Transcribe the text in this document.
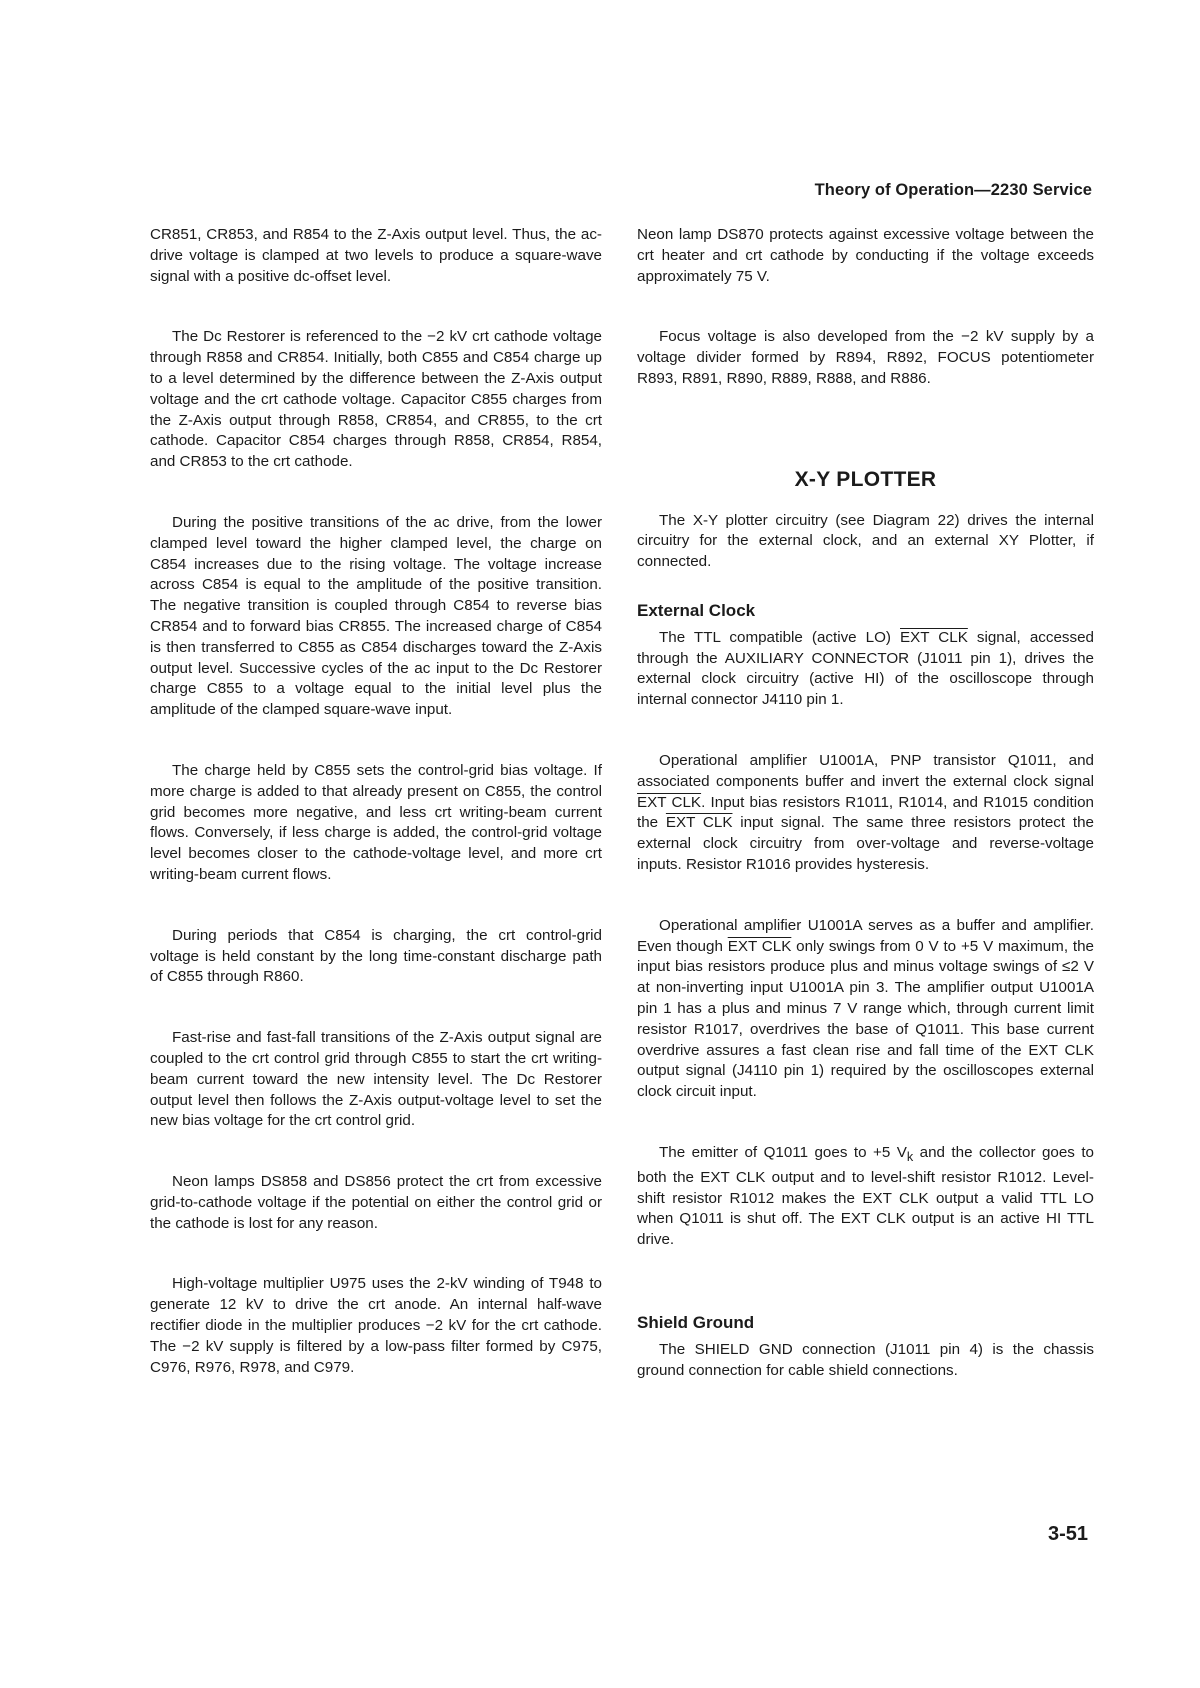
Theory of Operation—2230 Service

CR851, CR853, and R854 to the Z-Axis output level. Thus, the ac-drive voltage is clamped at two levels to produce a square-wave signal with a positive dc-offset level.

The Dc Restorer is referenced to the −2 kV crt cathode voltage through R858 and CR854. Initially, both C855 and C854 charge up to a level determined by the difference between the Z-Axis output voltage and the crt cathode voltage. Capacitor C855 charges from the Z-Axis output through R858, CR854, and CR855, to the crt cathode. Capacitor C854 charges through R858, CR854, R854, and CR853 to the crt cathode.

During the positive transitions of the ac drive, from the lower clamped level toward the higher clamped level, the charge on C854 increases due to the rising voltage. The voltage increase across C854 is equal to the amplitude of the positive transition. The negative transition is coupled through C854 to reverse bias CR854 and to forward bias CR855. The increased charge of C854 is then transferred to C855 as C854 discharges toward the Z-Axis output level. Successive cycles of the ac input to the Dc Restorer charge C855 to a voltage equal to the initial level plus the amplitude of the clamped square-wave input.

The charge held by C855 sets the control-grid bias voltage. If more charge is added to that already present on C855, the control grid becomes more negative, and less crt writing-beam current flows. Conversely, if less charge is added, the control-grid voltage level becomes closer to the cathode-voltage level, and more crt writing-beam current flows.

During periods that C854 is charging, the crt control-grid voltage is held constant by the long time-constant discharge path of C855 through R860.

Fast-rise and fast-fall transitions of the Z-Axis output signal are coupled to the crt control grid through C855 to start the crt writing-beam current toward the new intensity level. The Dc Restorer output level then follows the Z-Axis output-voltage level to set the new bias voltage for the crt control grid.

Neon lamps DS858 and DS856 protect the crt from excessive grid-to-cathode voltage if the potential on either the control grid or the cathode is lost for any reason.

High-voltage multiplier U975 uses the 2-kV winding of T948 to generate 12 kV to drive the crt anode. An internal half-wave rectifier diode in the multiplier produces −2 kV for the crt cathode. The −2 kV supply is filtered by a low-pass filter formed by C975, C976, R976, R978, and C979.

Neon lamp DS870 protects against excessive voltage between the crt heater and crt cathode by conducting if the voltage exceeds approximately 75 V.

Focus voltage is also developed from the −2 kV supply by a voltage divider formed by R894, R892, FOCUS potentiometer R893, R891, R890, R889, R888, and R886.

X-Y PLOTTER

The X-Y plotter circuitry (see Diagram 22) drives the internal circuitry for the external clock, and an external XY Plotter, if connected.

External Clock

The TTL compatible (active LO) EXT CLK signal, accessed through the AUXILIARY CONNECTOR (J1011 pin 1), drives the external clock circuitry (active HI) of the oscilloscope through internal connector J4110 pin 1.

Operational amplifier U1001A, PNP transistor Q1011, and associated components buffer and invert the external clock signal EXT CLK. Input bias resistors R1011, R1014, and R1015 condition the EXT CLK input signal. The same three resistors protect the external clock circuitry from over-voltage and reverse-voltage inputs. Resistor R1016 provides hysteresis.

Operational amplifier U1001A serves as a buffer and amplifier. Even though EXT CLK only swings from 0 V to +5 V maximum, the input bias resistors produce plus and minus voltage swings of ≤2 V at non-inverting input U1001A pin 3. The amplifier output U1001A pin 1 has a plus and minus 7 V range which, through current limit resistor R1017, overdrives the base of Q1011. This base current overdrive assures a fast clean rise and fall time of the EXT CLK output signal (J4110 pin 1) required by the oscilloscopes external clock circuit input.

The emitter of Q1011 goes to +5 $V_k$ and the collector goes to both the EXT CLK output and to level-shift resistor R1012. Level-shift resistor R1012 makes the EXT CLK output a valid TTL LO when Q1011 is shut off. The EXT CLK output is an active HI TTL drive.

Shield Ground

The SHIELD GND connection (J1011 pin 4) is the chassis ground connection for cable shield connections.

3-51
